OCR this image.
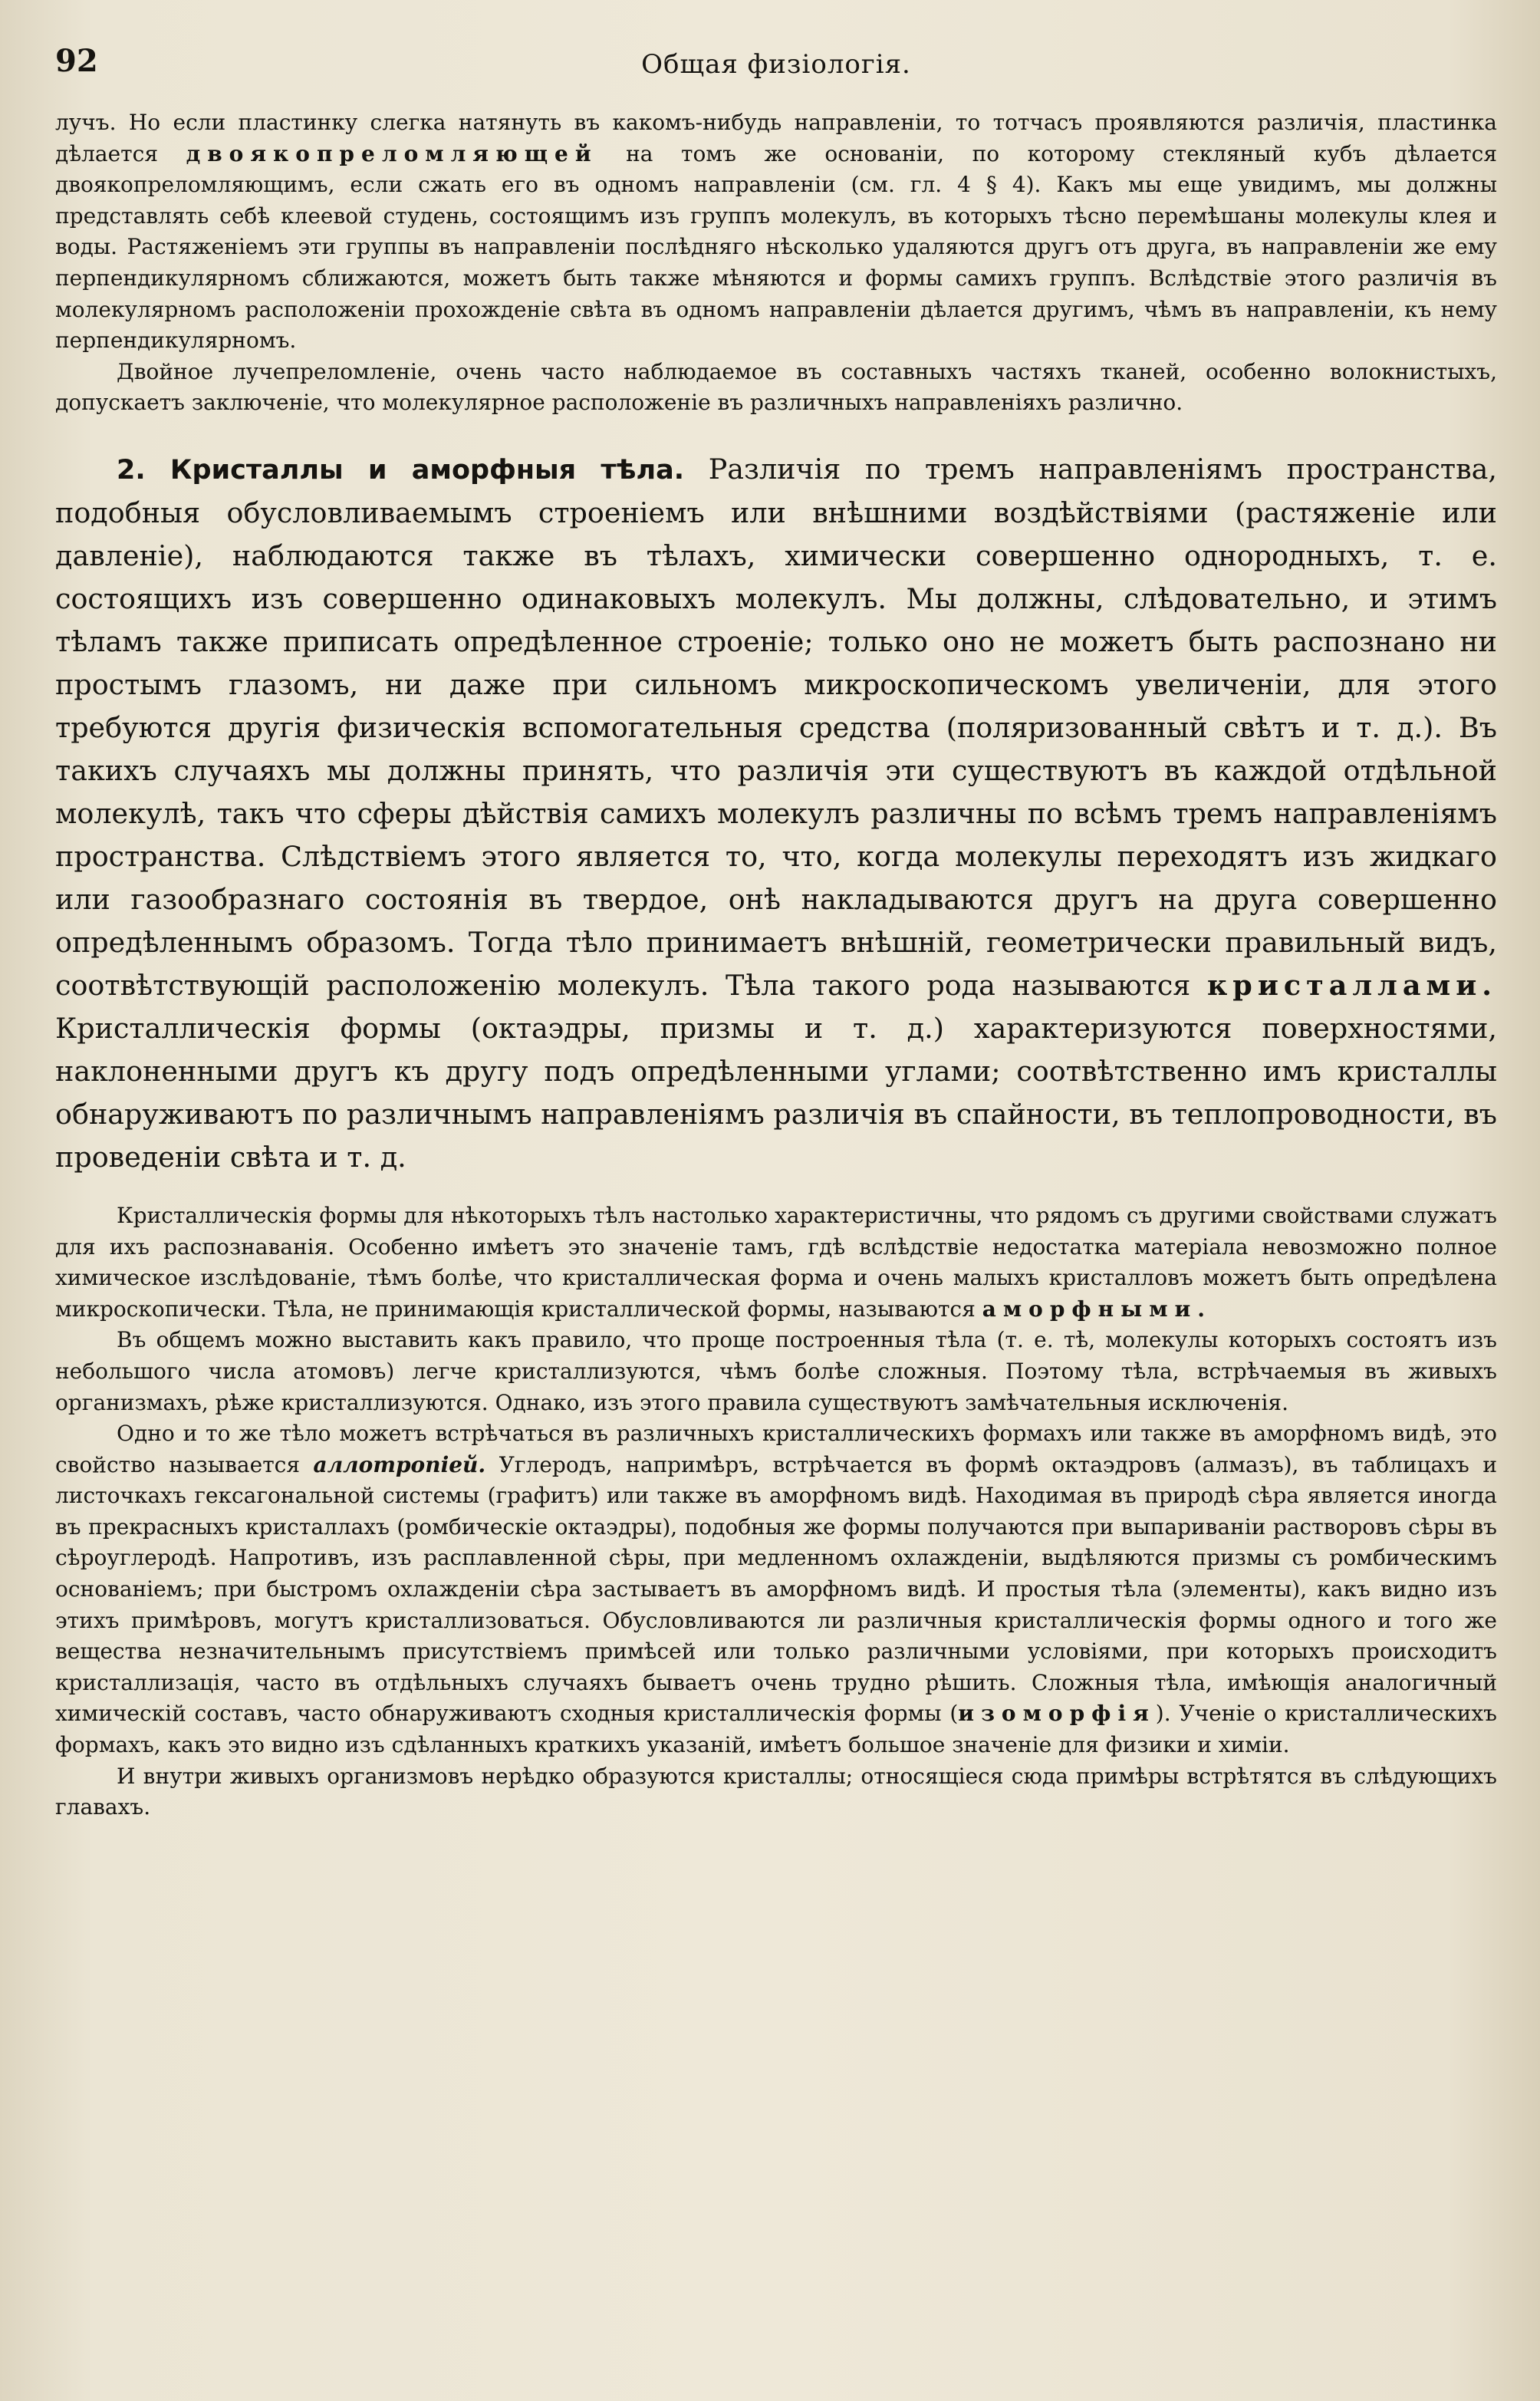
92	Общая физіологія.

лучъ. Но если пластинку слегка натянуть въ какомъ-нибудь направленіи, то тотчасъ проявляются различія, пластинка дѣлается двоякопреломляющей на томъ же основаніи, по которому стекляный кубъ дѣлается двоякопреломляющимъ, если сжать его въ одномъ направленіи (см. гл. 4 § 4). Какъ мы еще увидимъ, мы должны представлять себѣ клеевой студень, состоящимъ изъ группъ молекулъ, въ которыхъ тѣсно перемѣшаны молекулы клея и воды. Растяженіемъ эти группы въ направленіи послѣдняго нѣсколько удаляются другъ отъ друга, въ направленіи же ему перпендикулярномъ сближаются, можетъ быть также мѣняются и формы самихъ группъ. Вслѣдствіе этого различія въ молекулярномъ расположеніи прохожденіе свѣта въ одномъ направленіи дѣлается другимъ, чѣмъ въ направленіи, къ нему перпендикулярномъ.

Двойное лучепреломленіе, очень часто наблюдаемое въ составныхъ частяхъ тканей, особенно волокнистыхъ, допускаетъ заключеніе, что молекулярное расположеніе въ различныхъ направленіяхъ различно.

2. Кристаллы и аморфныя тѣла. Различія по тремъ направленіямъ пространства, подобныя обусловливаемымъ строеніемъ или внѣшними воздѣйствіями (растяженіе или давленіе), наблюдаются также въ тѣлахъ, химически совершенно однородныхъ, т. е. состоящихъ изъ совершенно одинаковыхъ молекулъ. Мы должны, слѣдовательно, и этимъ тѣламъ также приписать опредѣленное строеніе; только оно не можетъ быть распознано ни простымъ глазомъ, ни даже при сильномъ микроскопическомъ увеличеніи, для этого требуются другія физическія вспомогательныя средства (поляризованный свѣтъ и т. д.). Въ такихъ случаяхъ мы должны принять, что различія эти существуютъ въ каждой отдѣльной молекулѣ, такъ что сферы дѣйствія самихъ молекулъ различны по всѣмъ тремъ направленіямъ пространства. Слѣдствіемъ этого является то, что, когда молекулы переходятъ изъ жидкаго или газообразнаго состоянія въ твердое, онѣ накладываются другъ на друга совершенно опредѣленнымъ образомъ. Тогда тѣло принимаетъ внѣшній, геометрически правильный видъ, соотвѣтствующій расположенію молекулъ. Тѣла такого рода называются кристаллами. Кристаллическія формы (октаэдры, призмы и т. д.) характеризуются поверхностями, наклоненными другъ къ другу подъ опредѣленными углами; соотвѣтственно имъ кристаллы обнаруживаютъ по различнымъ направленіямъ различія въ спайности, въ теплопроводности, въ проведеніи свѣта и т. д.

Кристаллическія формы для нѣкоторыхъ тѣлъ настолько характеристичны, что рядомъ съ другими свойствами служатъ для ихъ распознаванія. Особенно имѣетъ это значеніе тамъ, гдѣ вслѣдствіе недостатка матеріала невозможно полное химическое изслѣдованіе, тѣмъ болѣе, что кристаллическая форма и очень малыхъ кристалловъ можетъ быть опредѣлена микроскопически. Тѣла, не принимающія кристаллической формы, называются аморфными.

Въ общемъ можно выставить какъ правило, что проще построенныя тѣла (т. е. тѣ, молекулы которыхъ состоятъ изъ небольшого числа атомовъ) легче кристаллизуются, чѣмъ болѣе сложныя. Поэтому тѣла, встрѣчаемыя въ живыхъ организмахъ, рѣже кристаллизуются. Однако, изъ этого правила существуютъ замѣчательныя исключенія.

Одно и то же тѣло можетъ встрѣчаться въ различныхъ кристаллическихъ формахъ или также въ аморфномъ видѣ, это свойство называется аллотропіей. Углеродъ, напримѣръ, встрѣчается въ формѣ октаэдровъ (алмазъ), въ таблицахъ и листочкахъ гексагональной системы (графитъ) или также въ аморфномъ видѣ. Находимая въ природѣ сѣра является иногда въ прекрасныхъ кристаллахъ (ромбическіе октаэдры), подобныя же формы получаются при выпариваніи растворовъ сѣры въ сѣроуглеродѣ. Напротивъ, изъ расплавленной сѣры, при медленномъ охлажденіи, выдѣляются призмы съ ромбическимъ основаніемъ; при быстромъ охлажденіи сѣра застываетъ въ аморфномъ видѣ. И простыя тѣла (элементы), какъ видно изъ этихъ примѣровъ, могутъ кристаллизоваться. Обусловливаются ли различныя кристаллическія формы одного и того же вещества незначительнымъ присутствіемъ примѣсей или только различными условіями, при которыхъ происходитъ кристаллизація, часто въ отдѣльныхъ случаяхъ бываетъ очень трудно рѣшить. Сложныя тѣла, имѣющія аналогичный химическій составъ, часто обнаруживаютъ сходныя кристаллическія формы (изоморфія). Ученіе о кристаллическихъ формахъ, какъ это видно изъ сдѣланныхъ краткихъ указаній, имѣетъ большое значеніе для физики и химіи.

И внутри живыхъ организмовъ нерѣдко образуются кристаллы; относящіеся сюда примѣры встрѣтятся въ слѣдующихъ главахъ.
